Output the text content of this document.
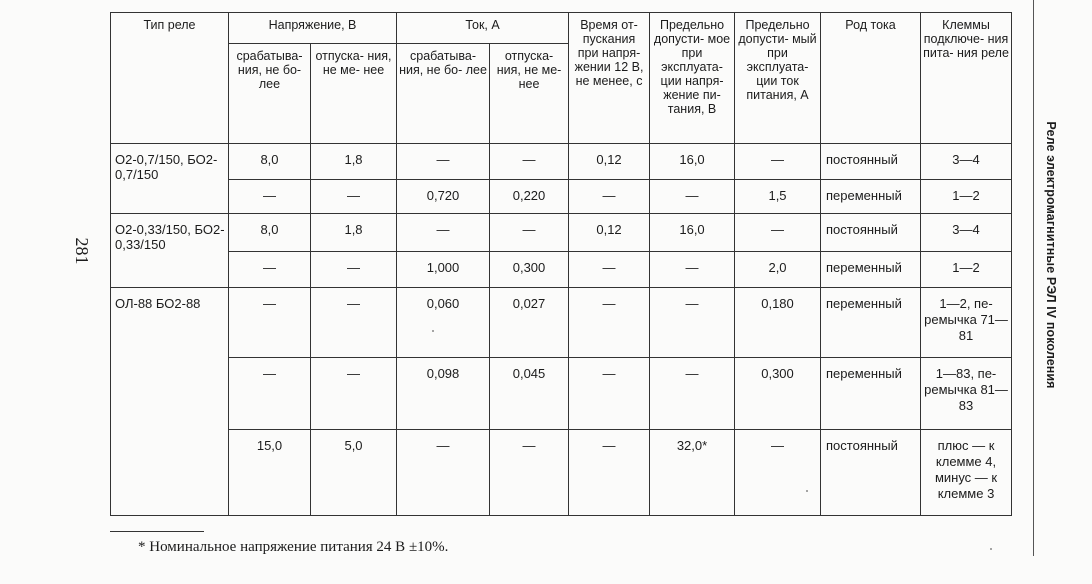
281	Реле электромагнитные РЭЛ IV поколения
Тип реле	Напряжение, В		Ток, А		Время от- пускания при напря- жении 12 В, не менее, с	Предельно допусти- мое при эксплуата- ции напря- жение пи- тания, В	Предельно допусти- мый при эксплуата- ции ток питания, А	Род тока	Клеммы подключе- ния пита- ния реле
	срабатыва- ния, не бо- лее	отпуска- ния, не ме- нее	срабатыва- ния, не бо- лее	отпуска- ния, не ме- нее					
О2-0,7/150, БО2-0,7/150	8,0	1,8	—	—	0,12	16,0	—	постоянный	3—4
	—	—	0,720	0,220	—	—	1,5	переменный	1—2
О2-0,33/150, БО2-0,33/150	8,0	1,8	—	—	0,12	16,0	—	постоянный	3—4
	—	—	1,000	0,300	—	—	2,0	переменный	1—2
ОЛ-88 БО2-88	—	—	0,060	0,027	—	—	0,180	переменный	1—2, пе- ремычка 71—81
	—	—	0,098	0,045	—	—	0,300	переменный	1—83, пе- ремычка 81—83
	15,0	5,0	—	—	—	32,0*	—	постоянный	плюс — к клемме 4, минус — к клемме 3
* Номинальное напряжение питания 24 В ±10%.
